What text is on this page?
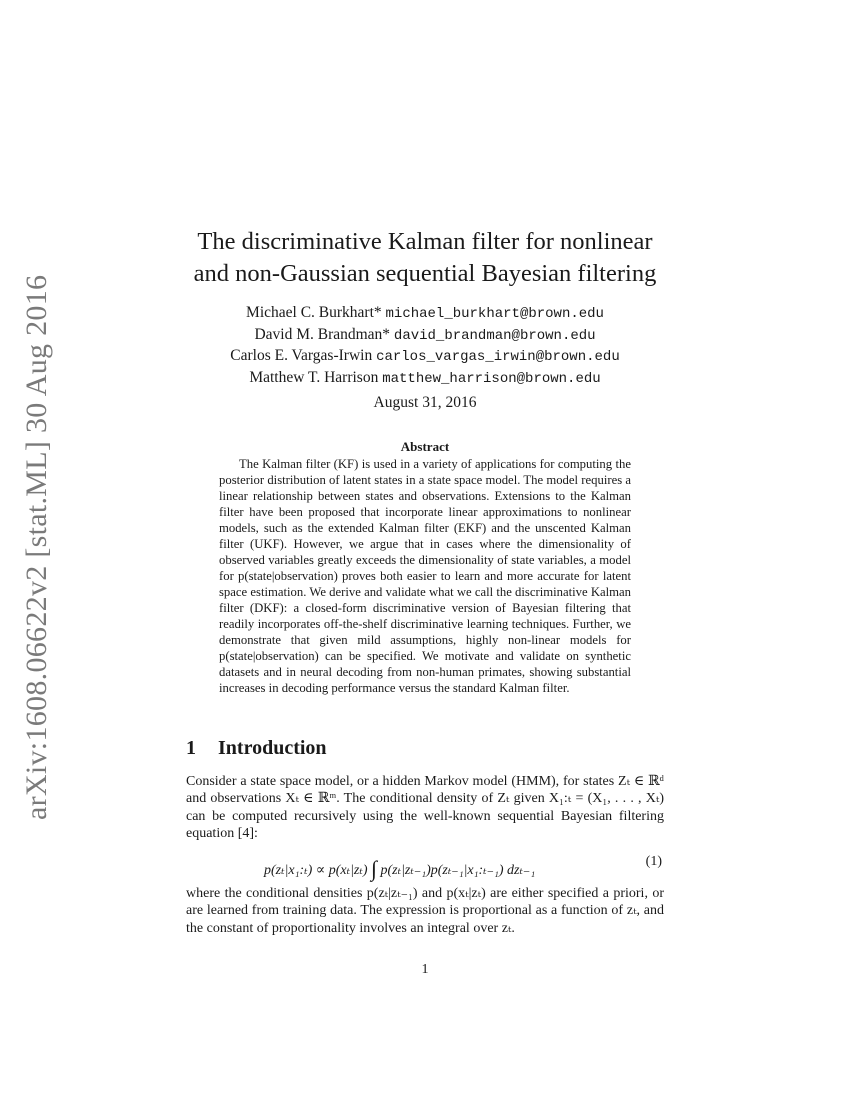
arXiv:1608.06622v2 [stat.ML] 30 Aug 2016
The discriminative Kalman filter for nonlinear
and non-Gaussian sequential Bayesian filtering
Michael C. Burkhart* michael_burkhart@brown.edu
David M. Brandman* david_brandman@brown.edu
Carlos E. Vargas-Irwin carlos_vargas_irwin@brown.edu
Matthew T. Harrison matthew_harrison@brown.edu
August 31, 2016
Abstract

The Kalman filter (KF) is used in a variety of applications for computing the posterior distribution of latent states in a state space model. The model requires a linear relationship between states and observations. Extensions to the Kalman filter have been proposed that incorporate linear approximations to nonlinear models, such as the extended Kalman filter (EKF) and the unscented Kalman filter (UKF). However, we argue that in cases where the dimensionality of observed variables greatly exceeds the dimensionality of state variables, a model for p(state|observation) proves both easier to learn and more accurate for latent space estimation. We derive and validate what we call the discriminative Kalman filter (DKF): a closed-form discriminative version of Bayesian filtering that readily incorporates off-the-shelf discriminative learning techniques. Further, we demonstrate that given mild assumptions, highly non-linear models for p(state|observation) can be specified. We motivate and validate on synthetic datasets and in neural decoding from non-human primates, showing substantial increases in decoding performance versus the standard Kalman filter.

1 Introduction

Consider a state space model, or a hidden Markov model (HMM), for states Zₜ ∈ ℝᵈ and observations Xₜ ∈ ℝᵐ. The conditional density of Zₜ given X₁:ₜ = (X₁, . . . , Xₜ) can be computed recursively using the well-known sequential Bayesian filtering equation [4]:

p(zₜ|x₁:ₜ) ∝ p(xₜ|zₜ) ∫ p(zₜ|zₜ₋₁)p(zₜ₋₁|x₁:ₜ₋₁) dzₜ₋₁
(1)

where the conditional densities p(zₜ|zₜ₋₁) and p(xₜ|zₜ) are either specified a priori, or are learned from training data. The expression is proportional as a function of zₜ, and the constant of proportionality involves an integral over zₜ.

1
